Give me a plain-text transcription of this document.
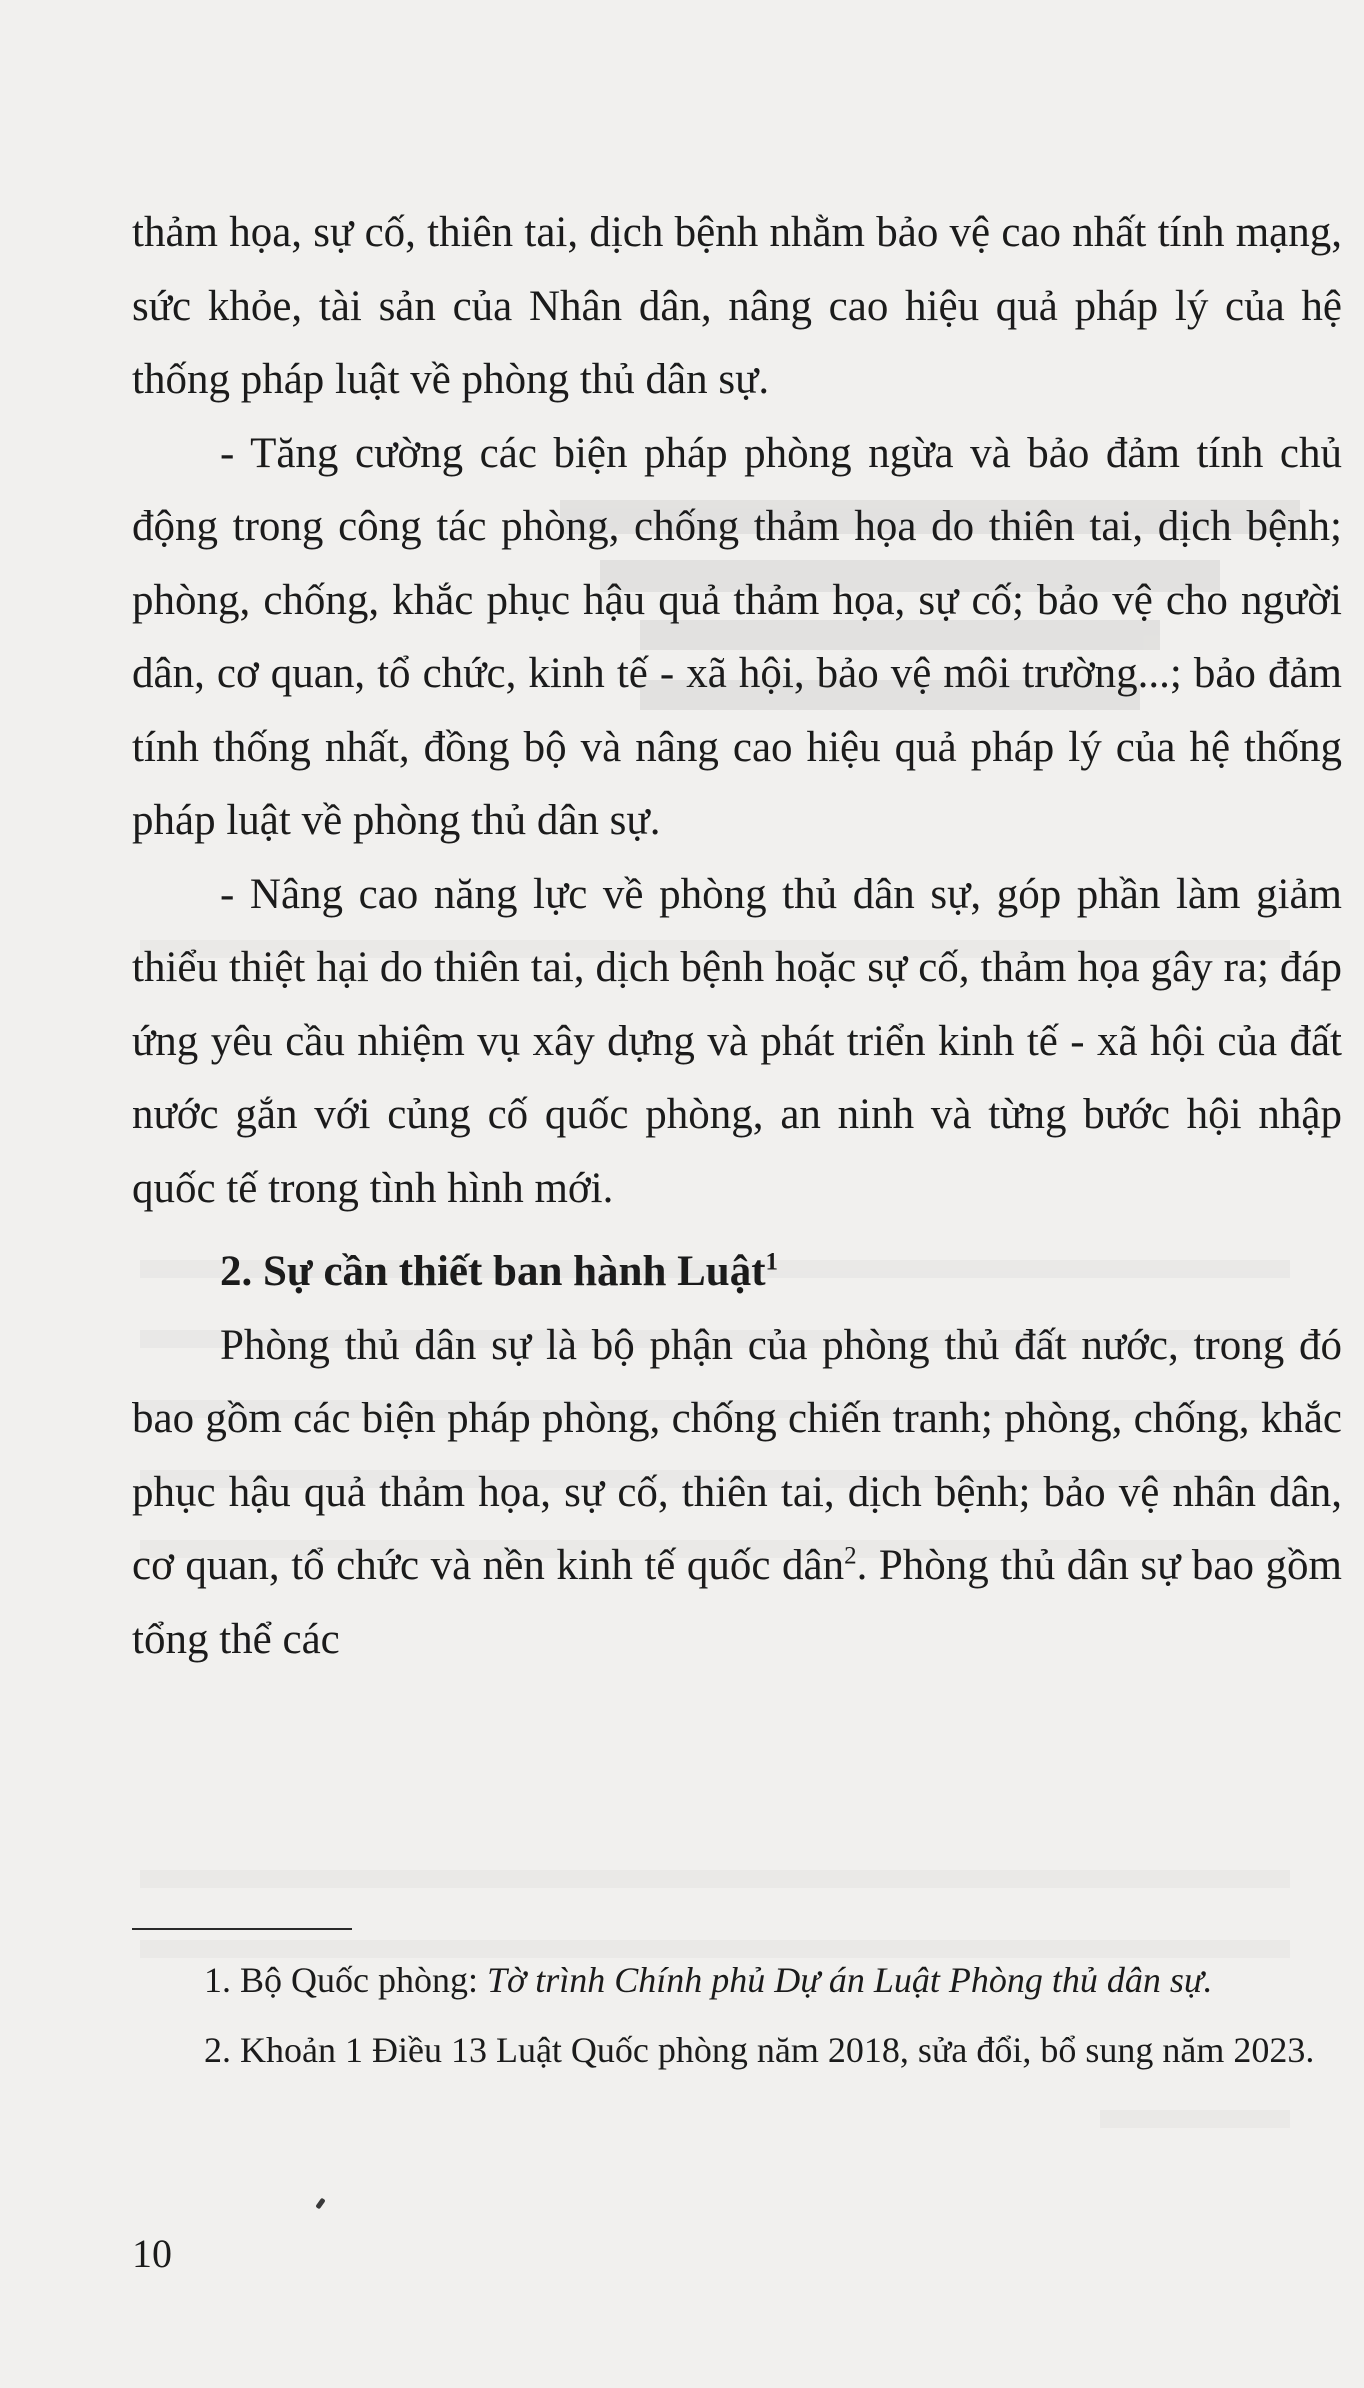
thảm họa, sự cố, thiên tai, dịch bệnh nhằm bảo vệ cao nhất tính mạng, sức khỏe, tài sản của Nhân dân, nâng cao hiệu quả pháp lý của hệ thống pháp luật về phòng thủ dân sự.

- Tăng cường các biện pháp phòng ngừa và bảo đảm tính chủ động trong công tác phòng, chống thảm họa do thiên tai, dịch bệnh; phòng, chống, khắc phục hậu quả thảm họa, sự cố; bảo vệ cho người dân, cơ quan, tổ chức, kinh tế - xã hội, bảo vệ môi trường...; bảo đảm tính thống nhất, đồng bộ và nâng cao hiệu quả pháp lý của hệ thống pháp luật về phòng thủ dân sự.

- Nâng cao năng lực về phòng thủ dân sự, góp phần làm giảm thiểu thiệt hại do thiên tai, dịch bệnh hoặc sự cố, thảm họa gây ra; đáp ứng yêu cầu nhiệm vụ xây dựng và phát triển kinh tế - xã hội của đất nước gắn với củng cố quốc phòng, an ninh và từng bước hội nhập quốc tế trong tình hình mới.

2. Sự cần thiết ban hành Luật$^1$

Phòng thủ dân sự là bộ phận của phòng thủ đất nước, trong đó bao gồm các biện pháp phòng, chống chiến tranh; phòng, chống, khắc phục hậu quả thảm họa, sự cố, thiên tai, dịch bệnh; bảo vệ nhân dân, cơ quan, tổ chức và nền kinh tế quốc dân$^2$. Phòng thủ dân sự bao gồm tổng thể các

1. Bộ Quốc phòng: Tờ trình Chính phủ Dự án Luật Phòng thủ dân sự.

2. Khoản 1 Điều 13 Luật Quốc phòng năm 2018, sửa đổi, bổ sung năm 2023.

10
